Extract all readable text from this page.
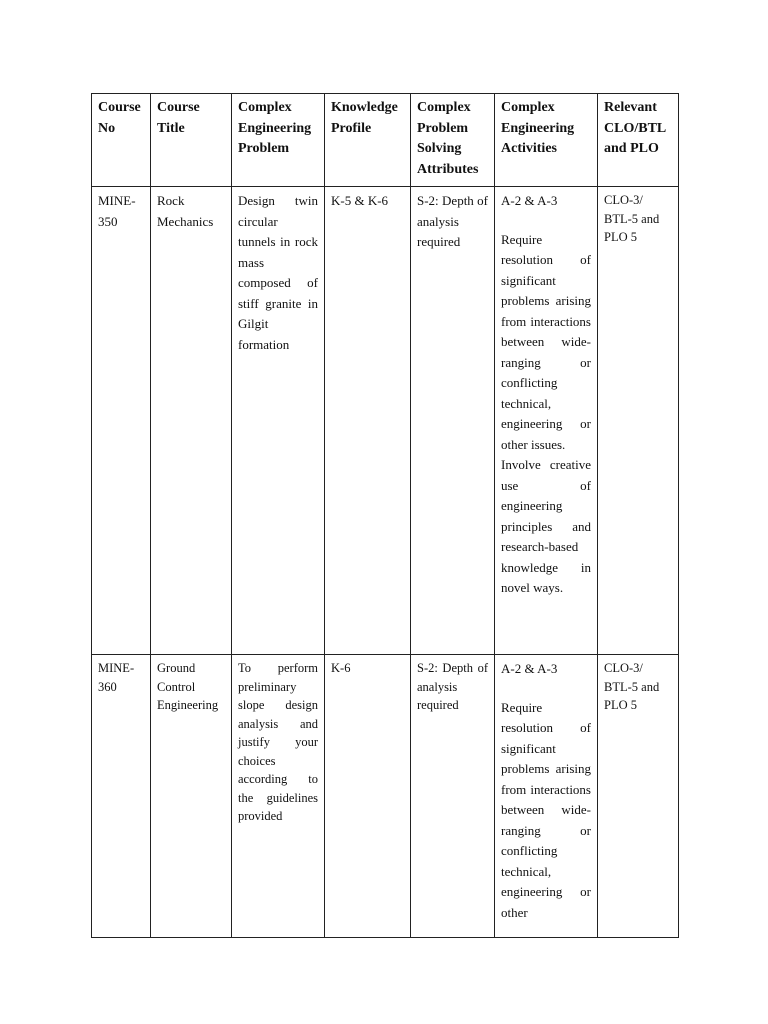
Course No	Course Title	Complex Engineering Problem	Knowledge Profile	Complex Problem Solving Attributes	Complex Engineering Activities	Relevant CLO/BTL and PLO
MINE-350	Rock Mechanics	Design twin circular tunnels in rock mass composed of stiff granite in Gilgit formation	K-5 & K-6	S-2: Depth of analysis required	A-2 & A-3
Require resolution of significant problems arising from interactions between wide-ranging or conflicting technical, engineering or other issues.
Involve creative use of engineering principles and research-based knowledge in novel ways.	CLO-3/ BTL-5 and PLO 5
MINE-360	Ground Control Engineering	To perform preliminary slope design analysis and justify your choices according to the guidelines provided	K-6	S-2: Depth of analysis required	A-2 & A-3
Require resolution of significant problems arising from interactions between wide-ranging or conflicting technical, engineering or other	CLO-3/ BTL-5 and PLO 5
